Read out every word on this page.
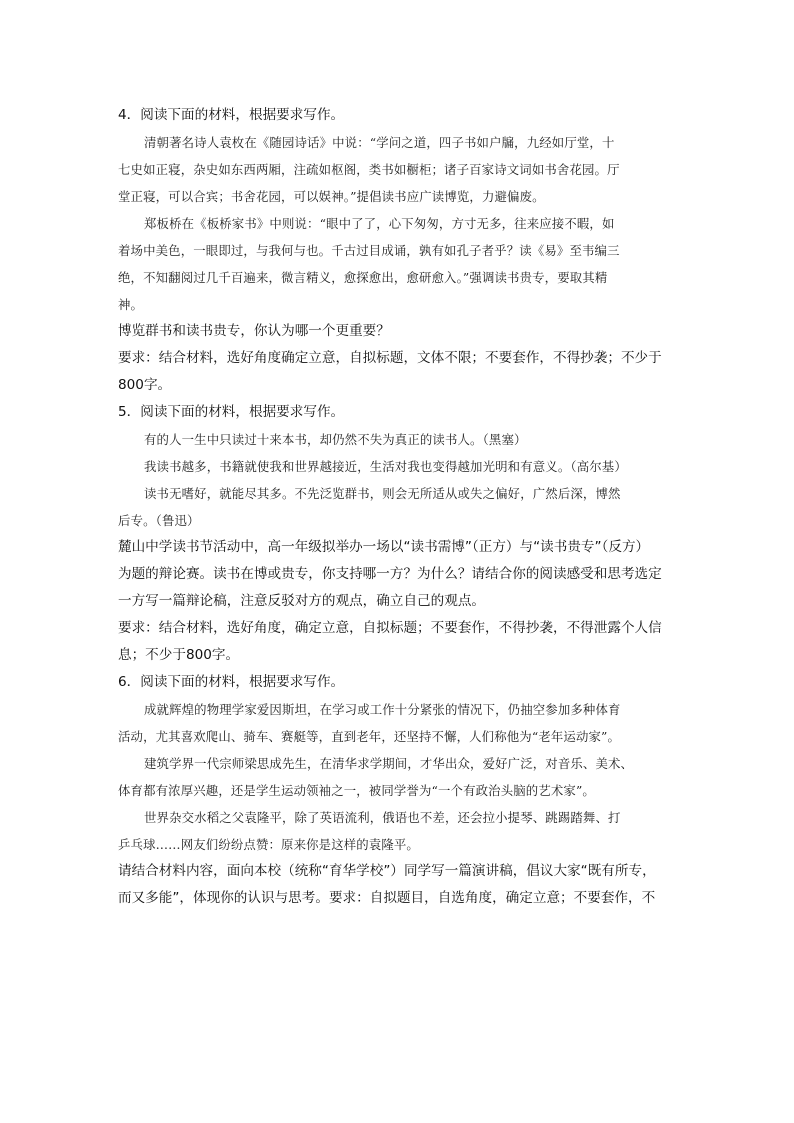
4．阅读下面的材料，根据要求写作。
清朝著名诗人袁枚在《随园诗话》中说：“学问之道，四子书如户牖，九经如厅堂，十
七史如正寝，杂史如东西两厢，注疏如枢阁，类书如橱柜；诸子百家诗文词如书舍花园。厅
堂正寝，可以合宾；书舍花园，可以娱神。”提倡读书应广读博览，力避偏废。
郑板桥在《板桥家书》中则说：“眼中了了，心下匆匆，方寸无多，往来应接不暇，如
着场中美色，一眼即过，与我何与也。千古过目成诵，孰有如孔子者乎？读《易》至韦编三
绝，不知翻阅过几千百遍来，微言精义，愈探愈出，愈研愈入。”强调读书贵专，要取其精
神。
博览群书和读书贵专，你认为哪一个更重要？
要求：结合材料，选好角度确定立意，自拟标题，文体不限；不要套作，不得抄袭；不少于
800字。
5．阅读下面的材料，根据要求写作。
有的人一生中只读过十来本书，却仍然不失为真正的读书人。（黑塞）
我读书越多，书籍就使我和世界越接近，生活对我也变得越加光明和有意义。（高尔基）
读书无嗜好，就能尽其多。不先泛览群书，则会无所适从或失之偏好，广然后深，博然
后专。（鲁迅）
麓山中学读书节活动中，高一年级拟举办一场以“读书需博”（正方）与“读书贵专”（反方）
为题的辩论赛。读书在博或贵专，你支持哪一方？为什么？请结合你的阅读感受和思考选定
一方写一篇辩论稿，注意反驳对方的观点，确立自己的观点。
要求：结合材料，选好角度，确定立意，自拟标题；不要套作，不得抄袭，不得泄露个人信
息；不少于800字。
6．阅读下面的材料，根据要求写作。
成就辉煌的物理学家爱因斯坦，在学习或工作十分紧张的情况下，仍抽空参加多种体育
活动，尤其喜欢爬山、骑车、赛艇等，直到老年，还坚持不懈，人们称他为“老年运动家”。
建筑学界一代宗师梁思成先生，在清华求学期间，才华出众，爱好广泛，对音乐、美术、
体育都有浓厚兴趣，还是学生运动领袖之一，被同学誉为“一个有政治头脑的艺术家”。
世界杂交水稻之父袁隆平，除了英语流利，俄语也不差，还会拉小提琴、跳踢踏舞、打
乒乓球……网友们纷纷点赞：原来你是这样的袁隆平。
请结合材料内容，面向本校（统称“育华学校”）同学写一篇演讲稿，倡议大家“既有所专，
而又多能”，体现你的认识与思考。要求：自拟题目，自选角度，确定立意；不要套作，不
